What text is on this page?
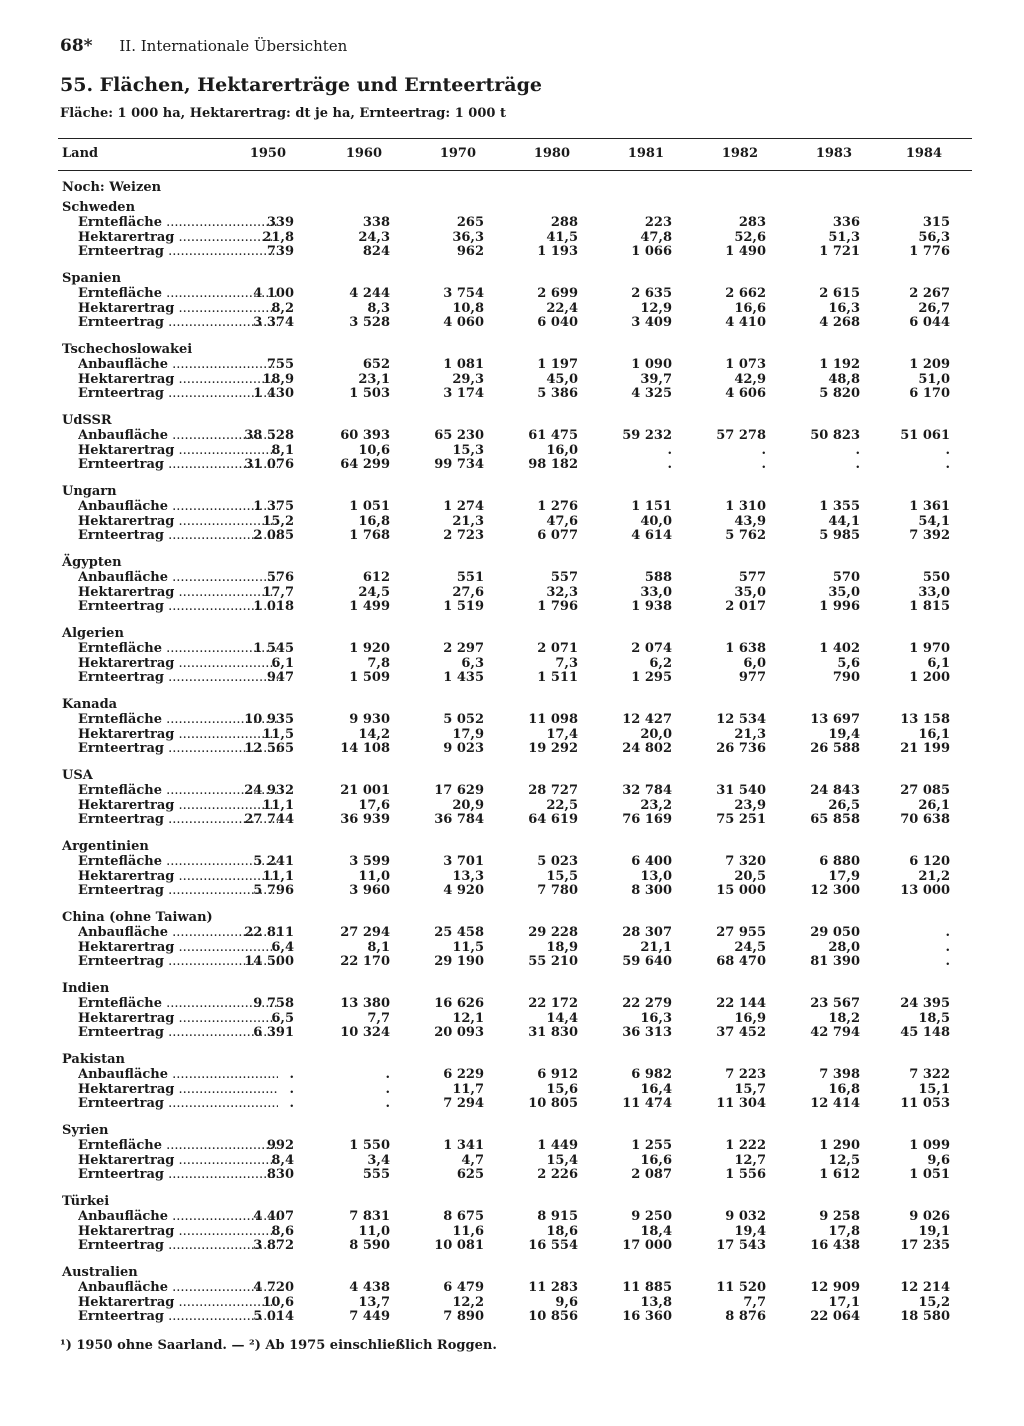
68* II. Internationale Übersichten
55. Flächen, Hektarerträge und Ernteerträge
Fläche: 1 000 ha, Hektarertrag: dt je ha, Ernteertrag: 1 000 t
Land	1950	1960	1970	1980	1981	1982	1983	1984
Noch: Weizen
Schweden
Erntefläche .....	339	338	265	288	223	283	336	315
Hektarertrag .....	21,8	24,3	36,3	41,5	47,8	52,6	51,3	56,3
Ernteertrag .....	739	824	962	1 193	1 066	1 490	1 721	1 776
Spanien
Erntefläche .....	4 100	4 244	3 754	2 699	2 635	2 662	2 615	2 267
Hektarertrag .....	8,2	8,3	10,8	22,4	12,9	16,6	16,3	26,7
Ernteertrag .....	3 374	3 528	4 060	6 040	3 409	4 410	4 268	6 044
Tschechoslowakei
Anbaufläche .....	755	652	1 081	1 197	1 090	1 073	1 192	1 209
Hektarertrag .....	18,9	23,1	29,3	45,0	39,7	42,9	48,8	51,0
Ernteertrag .....	1 430	1 503	3 174	5 386	4 325	4 606	5 820	6 170
UdSSR
Anbaufläche .....	38 528	60 393	65 230	61 475	59 232	57 278	50 823	51 061
Hektarertrag .....	8,1	10,6	15,3	16,0	.	.	.	.
Ernteertrag .....	31 076	64 299	99 734	98 182	.	.	.	.
Ungarn
Anbaufläche .....	1 375	1 051	1 274	1 276	1 151	1 310	1 355	1 361
Hektarertrag .....	15,2	16,8	21,3	47,6	40,0	43,9	44,1	54,1
Ernteertrag .....	2 085	1 768	2 723	6 077	4 614	5 762	5 985	7 392
Ägypten
Anbaufläche .....	576	612	551	557	588	577	570	550
Hektarertrag .....	17,7	24,5	27,6	32,3	33,0	35,0	35,0	33,0
Ernteertrag .....	1 018	1 499	1 519	1 796	1 938	2 017	1 996	1 815
Algerien
Erntefläche .....	1 545	1 920	2 297	2 071	2 074	1 638	1 402	1 970
Hektarertrag .....	6,1	7,8	6,3	7,3	6,2	6,0	5,6	6,1
Ernteertrag .....	947	1 509	1 435	1 511	1 295	977	790	1 200
Kanada
Erntefläche .....	10 935	9 930	5 052	11 098	12 427	12 534	13 697	13 158
Hektarertrag .....	11,5	14,2	17,9	17,4	20,0	21,3	19,4	16,1
Ernteertrag .....	12 565	14 108	9 023	19 292	24 802	26 736	26 588	21 199
USA
Erntefläche .....	24 932	21 001	17 629	28 727	32 784	31 540	24 843	27 085
Hektarertrag .....	11,1	17,6	20,9	22,5	23,2	23,9	26,5	26,1
Ernteertrag .....	27 744	36 939	36 784	64 619	76 169	75 251	65 858	70 638
Argentinien
Erntefläche .....	5 241	3 599	3 701	5 023	6 400	7 320	6 880	6 120
Hektarertrag .....	11,1	11,0	13,3	15,5	13,0	20,5	17,9	21,2
Ernteertrag .....	5 796	3 960	4 920	7 780	8 300	15 000	12 300	13 000
China (ohne Taiwan)
Anbaufläche .....	22 811	27 294	25 458	29 228	28 307	27 955	29 050	.
Hektarertrag .....	6,4	8,1	11,5	18,9	21,1	24,5	28,0	.
Ernteertrag .....	14 500	22 170	29 190	55 210	59 640	68 470	81 390	.
Indien
Erntefläche .....	9 758	13 380	16 626	22 172	22 279	22 144	23 567	24 395
Hektarertrag .....	6,5	7,7	12,1	14,4	16,3	16,9	18,2	18,5
Ernteertrag .....	6 391	10 324	20 093	31 830	36 313	37 452	42 794	45 148
Pakistan
Anbaufläche .....	.	.	6 229	6 912	6 982	7 223	7 398	7 322
Hektarertrag .....	.	.	11,7	15,6	16,4	15,7	16,8	15,1
Ernteertrag .....	.	.	7 294	10 805	11 474	11 304	12 414	11 053
Syrien
Erntefläche .....	992	1 550	1 341	1 449	1 255	1 222	1 290	1 099
Hektarertrag .....	8,4	3,4	4,7	15,4	16,6	12,7	12,5	9,6
Ernteertrag .....	830	555	625	2 226	2 087	1 556	1 612	1 051
Türkei
Anbaufläche .....	4 407	7 831	8 675	8 915	9 250	9 032	9 258	9 026
Hektarertrag .....	8,6	11,0	11,6	18,6	18,4	19,4	17,8	19,1
Ernteertrag .....	3 872	8 590	10 081	16 554	17 000	17 543	16 438	17 235
Australien
Anbaufläche .....	4 720	4 438	6 479	11 283	11 885	11 520	12 909	12 214
Hektarertrag .....	10,6	13,7	12,2	9,6	13,8	7,7	17,1	15,2
Ernteertrag .....	5 014	7 449	7 890	10 856	16 360	8 876	22 064	18 580
¹) 1950 ohne Saarland. — ²) Ab 1975 einschließlich Roggen.
